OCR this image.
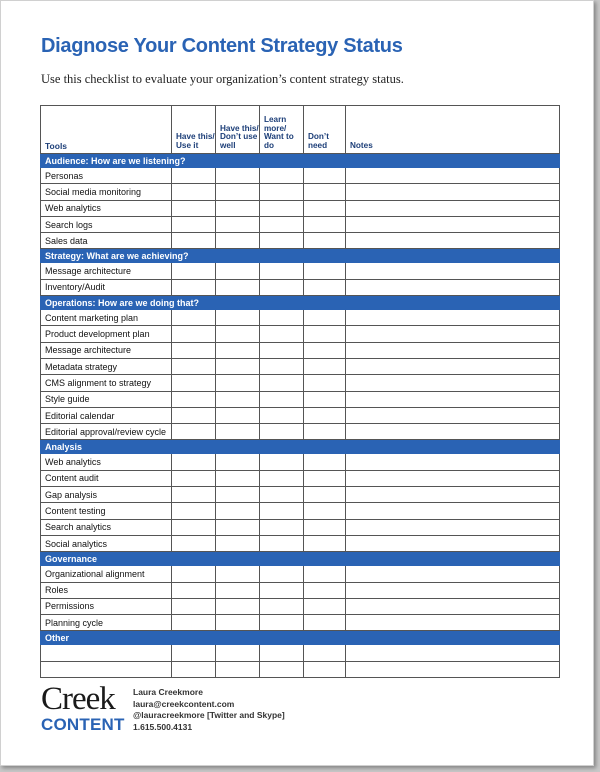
Diagnose Your Content Strategy Status
Use this checklist to evaluate your organization’s content strategy status.
Tools	Have this/ Use it	Have this/ Don’t use well	Learn more/ Want to do	Don’t need	Notes
Audience: How are we listening?					
Personas					
Social media monitoring					
Web analytics					
Search logs					
Sales data					
Strategy: What are we achieving?					
Message architecture					
Inventory/Audit					
Operations: How are we doing that?					
Content marketing plan					
Product development plan					
Message architecture					
Metadata strategy					
CMS alignment to strategy					
Style guide					
Editorial calendar					
Editorial approval/review cycle					
Analysis					
Web analytics					
Content audit					
Gap analysis					
Content testing					
Search analytics					
Social analytics					
Governance					
Organizational alignment					
Roles					
Permissions					
Planning cycle					
Other					

Creek
CONTENT
Laura Creekmore
laura@creekcontent.com
@lauracreekmore [Twitter and Skype]
1.615.500.4131
